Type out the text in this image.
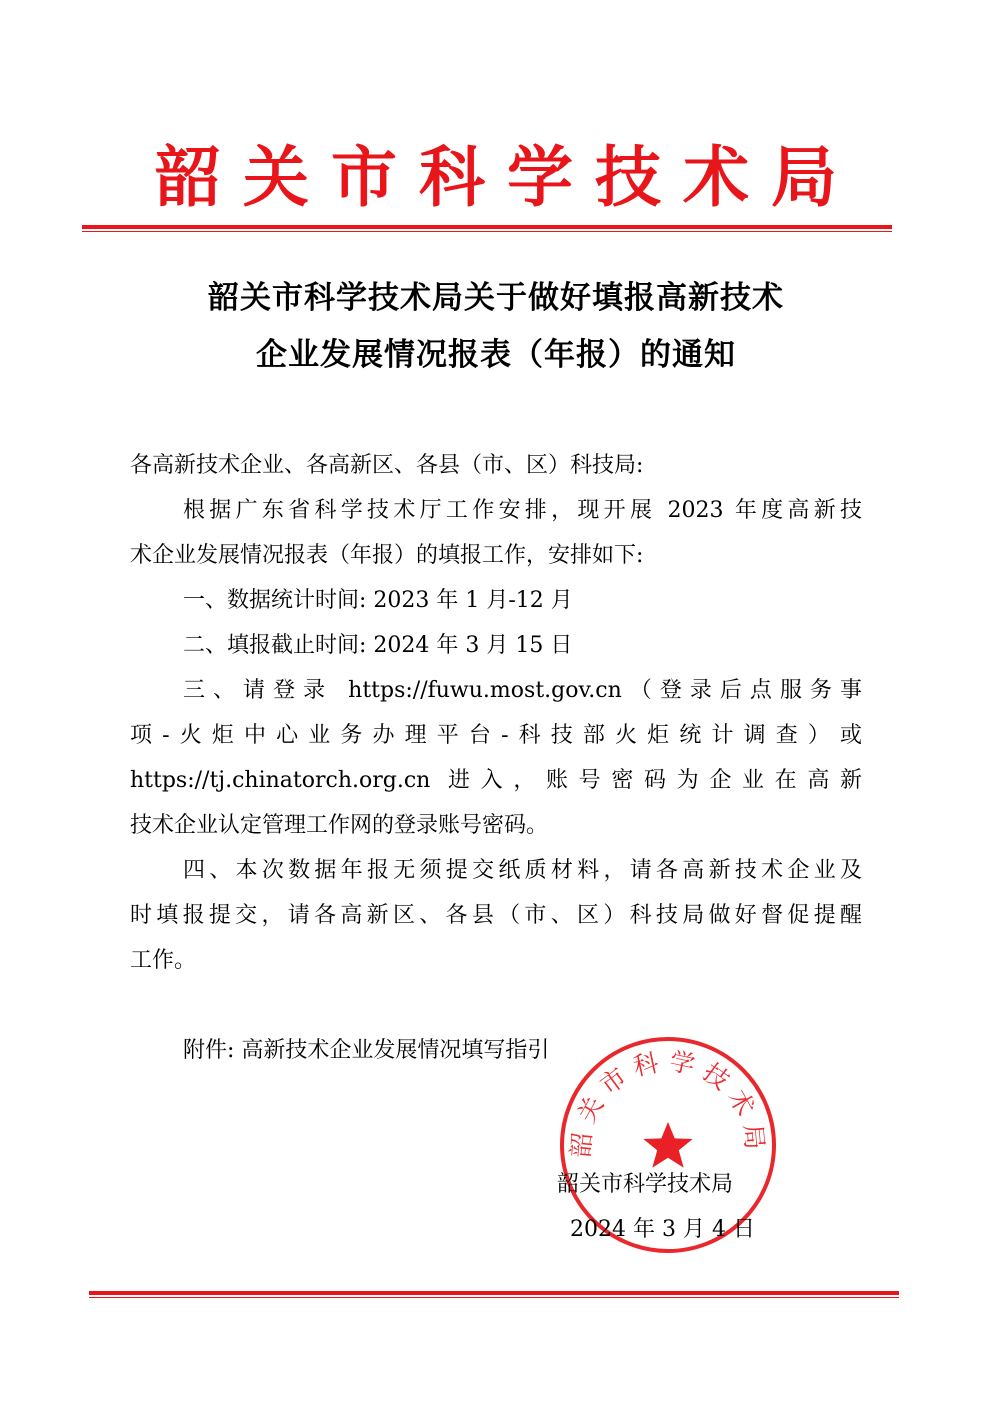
韶关市科学技术局
韶关市科学技术局关于做好填报高新技术
企业发展情况报表（年报）的通知
各高新技术企业、各高新区、各县（市、区）科技局:
根据广东省科学技术厅工作安排，现开展 2023 年度高新技
术企业发展情况报表（年报）的填报工作，安排如下:
一、数据统计时间: 2023 年 1 月-12 月
二、填报截止时间: 2024 年 3 月 15 日
三、请登录 https://fuwu.most.gov.cn（登录后点服务事
项-火炬中心业务办理平台-科技部火炬统计调查）或
https://tj.chinatorch.org.cn 进入，账号密码为企业在高新
技术企业认定管理工作网的登录账号密码。
四、本次数据年报无须提交纸质材料，请各高新技术企业及
时填报提交，请各高新区、各县（市、区）科技局做好督促提醒
工作。
附件: 高新技术企业发展情况填写指引
韶关市科学技术局
韶关市科学技术局
2024 年 3 月 4 日
